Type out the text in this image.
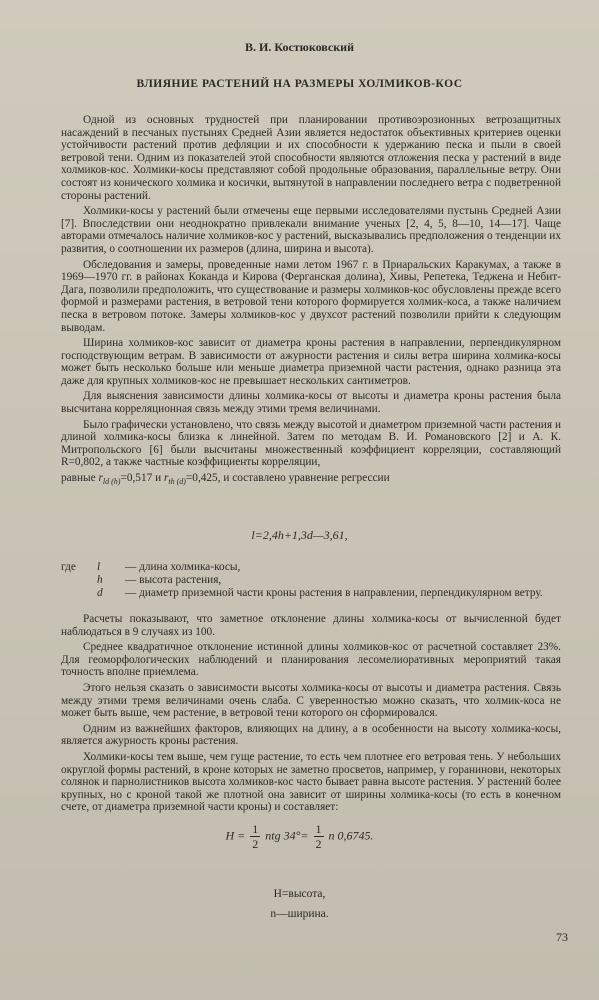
В. И. Костюковский
ВЛИЯНИЕ РАСТЕНИЙ НА РАЗМЕРЫ ХОЛМИКОВ-КОС

Одной из основных трудностей при планировании противоэрозионных ветрозащитных насаждений в песчаных пустынях Средней Азии является недостаток объективных критериев оценки устойчивости растений против дефляции и их способности к удержанию песка и пыли в своей ветровой тени. Одним из показателей этой способности являются отложения песка у растений в виде холмиков-кос. Холмики-косы представляют собой продольные образования, параллельные ветру. Они состоят из конического холмика и косички, вытянутой в направлении последнего ветра с подветренной стороны растений.

Холмики-косы у растений были отмечены еще первыми исследователями пустынь Средней Азии [7]. Впоследствии они неоднократно привлекали внимание ученых [2, 4, 5, 8—10, 14—17]. Чаще авторами отмечалось наличие холмиков-кос у растений, высказывались предположения о тенденции их развития, о соотношении их размеров (длина, ширина и высота).

Обследования и замеры, проведенные нами летом 1967 г. в Приаральских Каракумах, а также в 1969—1970 гг. в районах Коканда и Кирова (Ферганская долина), Хивы, Репетека, Теджена и Небит-Дага, позволили предположить, что существование и размеры холмиков-кос обусловлены прежде всего формой и размерами растения, в ветровой тени которого формируется холмик-коса, а также наличием песка в ветровом потоке. Замеры холмиков-кос у двухсот растений позволили прийти к следующим выводам.

Ширина холмиков-кос зависит от диаметра кроны растения в направлении, перпендикулярном господствующим ветрам. В зависимости от ажурности растения и силы ветра ширина холмика-косы может быть несколько больше или меньше диаметра приземной части растения, однако разница эта даже для крупных холмиков-кос не превышает нескольких сантиметров.

Для выяснения зависимости длины холмика-косы от высоты и диаметра кроны растения была высчитана корреляционная связь между этими тремя величинами.

Было графически установлено, что связь между высотой и диаметром приземной части растения и длиной холмика-косы близка к линейной. Затем по методам В. И. Романовского [2] и А. К. Митропольского [6] были высчитаны множественный коэффициент корреляции, составляющий R=0,802, а также частные коэффициенты корреляции,

равные $r_{ld (h)}=0,517$ и $r_{th (d)}=0,425$, и составлено уравнение регрессии
l=2,4h+1,3d—3,61,
где	l	— длина холмика-косы,
h	— высота растения,
d	— диаметр приземной части кроны растения в направлении, перпендикулярном ветру.

Расчеты показывают, что заметное отклонение длины холмика-косы от вычисленной будет наблюдаться в 9 случаях из 100.

Среднее квадратичное отклонение истинной длины холмиков-кос от расчетной составляет 23%. Для геоморфологических наблюдений и планирования лесомелиоративных мероприятий такая точность вполне приемлема.

Этого нельзя сказать о зависимости высоты холмика-косы от высоты и диаметра растения. Связь между этими тремя величинами очень слаба. С уверенностью можно сказать, что холмик-коса не может быть выше, чем растение, в ветровой тени которого он сформировался.

Одним из важнейших факторов, влияющих на длину, а в особенности на высоту холмика-косы, является ажурность кроны растения.

Холмики-косы тем выше, чем гуще растение, то есть чем плотнее его ветровая тень. У небольших округлой формы растений, в кроне которых не заметно просветов, например, у горанинови, некоторых солянок и парнолистников высота холмиков-кос часто бывает равна высоте растения. У растений более крупных, но с кроной такой же плотной она зависит от ширины холмика-косы (то есть в конечном счете, от диаметра приземной части кроны) и составляет:

$H = \frac{1}{2}$ ntg $34^\circ= \frac{1}{2}$ n 0,6745.
H=высота,
n—ширина.
73
